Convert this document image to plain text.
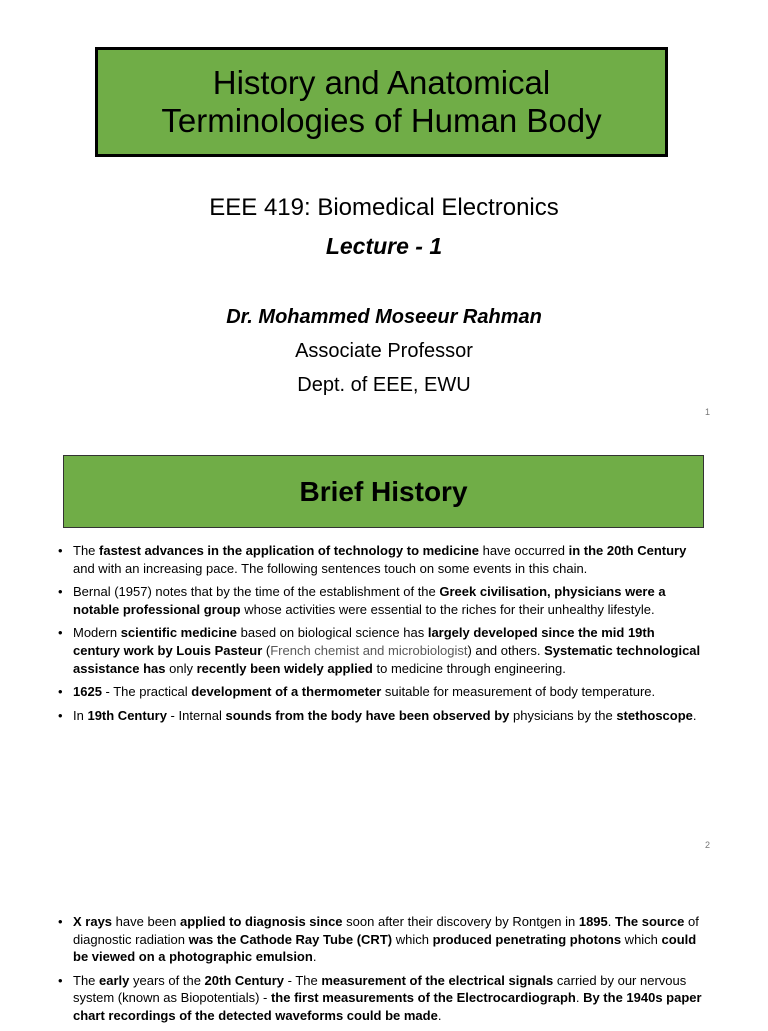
History and Anatomical Terminologies of Human Body
EEE 419: Biomedical Electronics
Lecture - 1
Dr. Mohammed Moseeur Rahman
Associate Professor
Dept. of EEE, EWU
1
Brief History
• The fastest advances in the application of technology to medicine have occurred in the 20th Century and with an increasing pace. The following sentences touch on some events in this chain.
• Bernal (1957) notes that by the time of the establishment of the Greek civilisation, physicians were a notable professional group whose activities were essential to the riches for their unhealthy lifestyle.
• Modern scientific medicine based on biological science has largely developed since the mid 19th century work by Louis Pasteur (French chemist and microbiologist) and others. Systematic technological assistance has only recently been widely applied to medicine through engineering.
• 1625 - The practical development of a thermometer suitable for measurement of body temperature.
• In 19th Century - Internal sounds from the body have been observed by physicians by the stethoscope.
2
• X rays have been applied to diagnosis since soon after their discovery by Rontgen in 1895. The source of diagnostic radiation was the Cathode Ray Tube (CRT) which produced penetrating photons which could be viewed on a photographic emulsion.
• The early years of the 20th Century - The measurement of the electrical signals carried by our nervous system (known as Biopotentials) - the first measurements of the Electrocardiograph. By the 1940s paper chart recordings of the detected waveforms could be made.
